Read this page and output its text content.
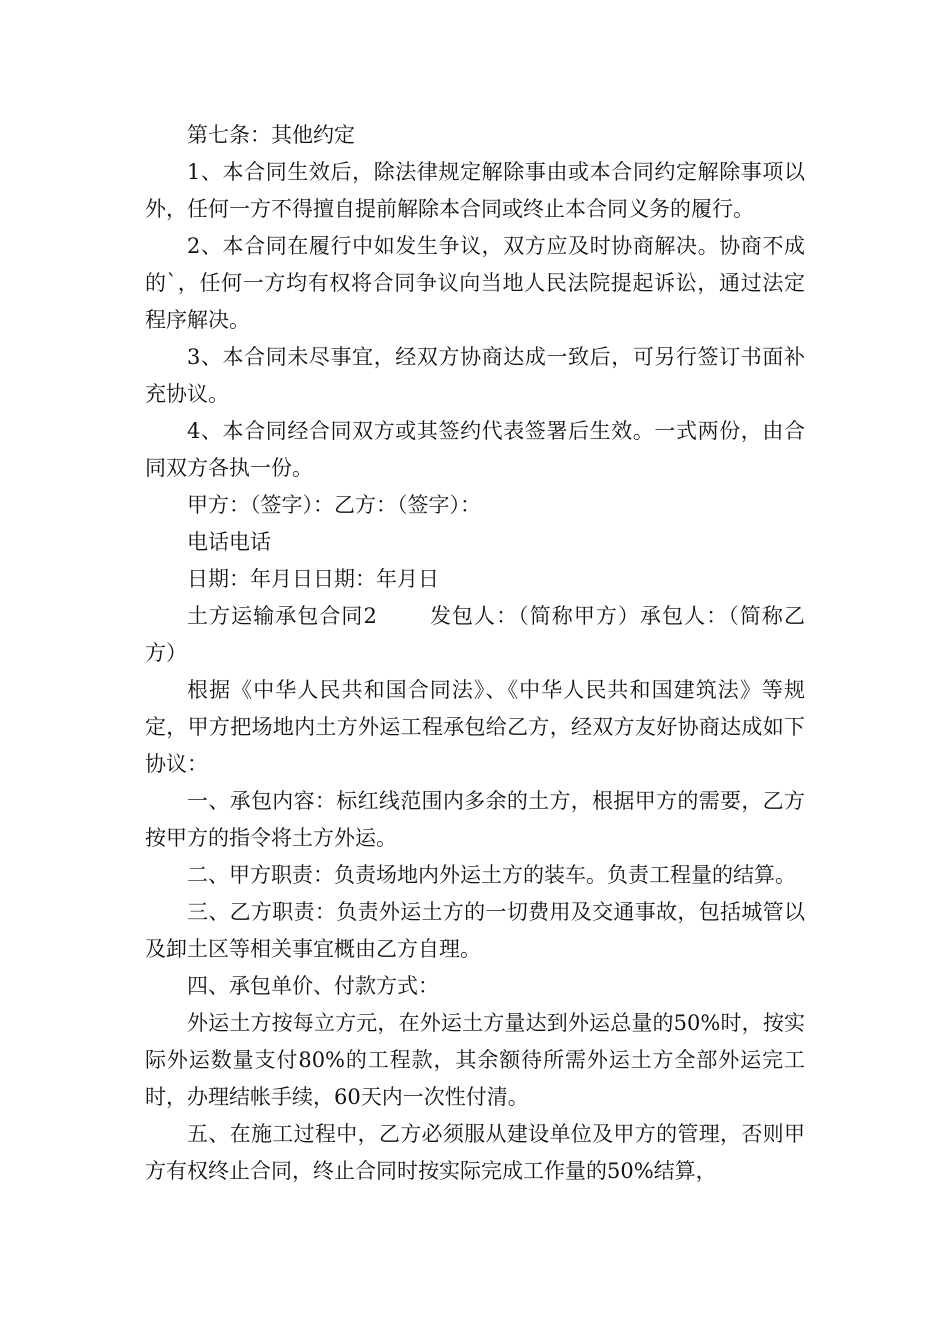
第七条：其他约定

1、本合同生效后，除法律规定解除事由或本合同约定解除事项以外，任何一方不得擅自提前解除本合同或终止本合同义务的履行。

2、本合同在履行中如发生争议，双方应及时协商解决。协商不成的`，任何一方均有权将合同争议向当地人民法院提起诉讼，通过法定程序解决。

3、本合同未尽事宜，经双方协商达成一致后，可另行签订书面补充协议。

4、本合同经合同双方或其签约代表签署后生效。一式两份，由合同双方各执一份。

甲方：（签字）：乙方：（签字）：

电话电话

日期：年月日日期：年月日

土方运输承包合同2 发包人：（简称甲方）承包人：（简称乙方）

根据《中华人民共和国合同法》、《中华人民共和国建筑法》等规定，甲方把场地内土方外运工程承包给乙方，经双方友好协商达成如下协议：

一、承包内容：标红线范围内多余的土方，根据甲方的需要，乙方按甲方的指令将土方外运。

二、甲方职责：负责场地内外运土方的装车。负责工程量的结算。

三、乙方职责：负责外运土方的一切费用及交通事故，包括城管以及卸土区等相关事宜概由乙方自理。

四、承包单价、付款方式：

外运土方按每立方元，在外运土方量达到外运总量的50%时，按实际外运数量支付80%的工程款，其余额待所需外运土方全部外运完工时，办理结帐手续，60天内一次性付清。

五、在施工过程中，乙方必须服从建设单位及甲方的管理，否则甲方有权终止合同，终止合同时按实际完成工作量的50%结算，
